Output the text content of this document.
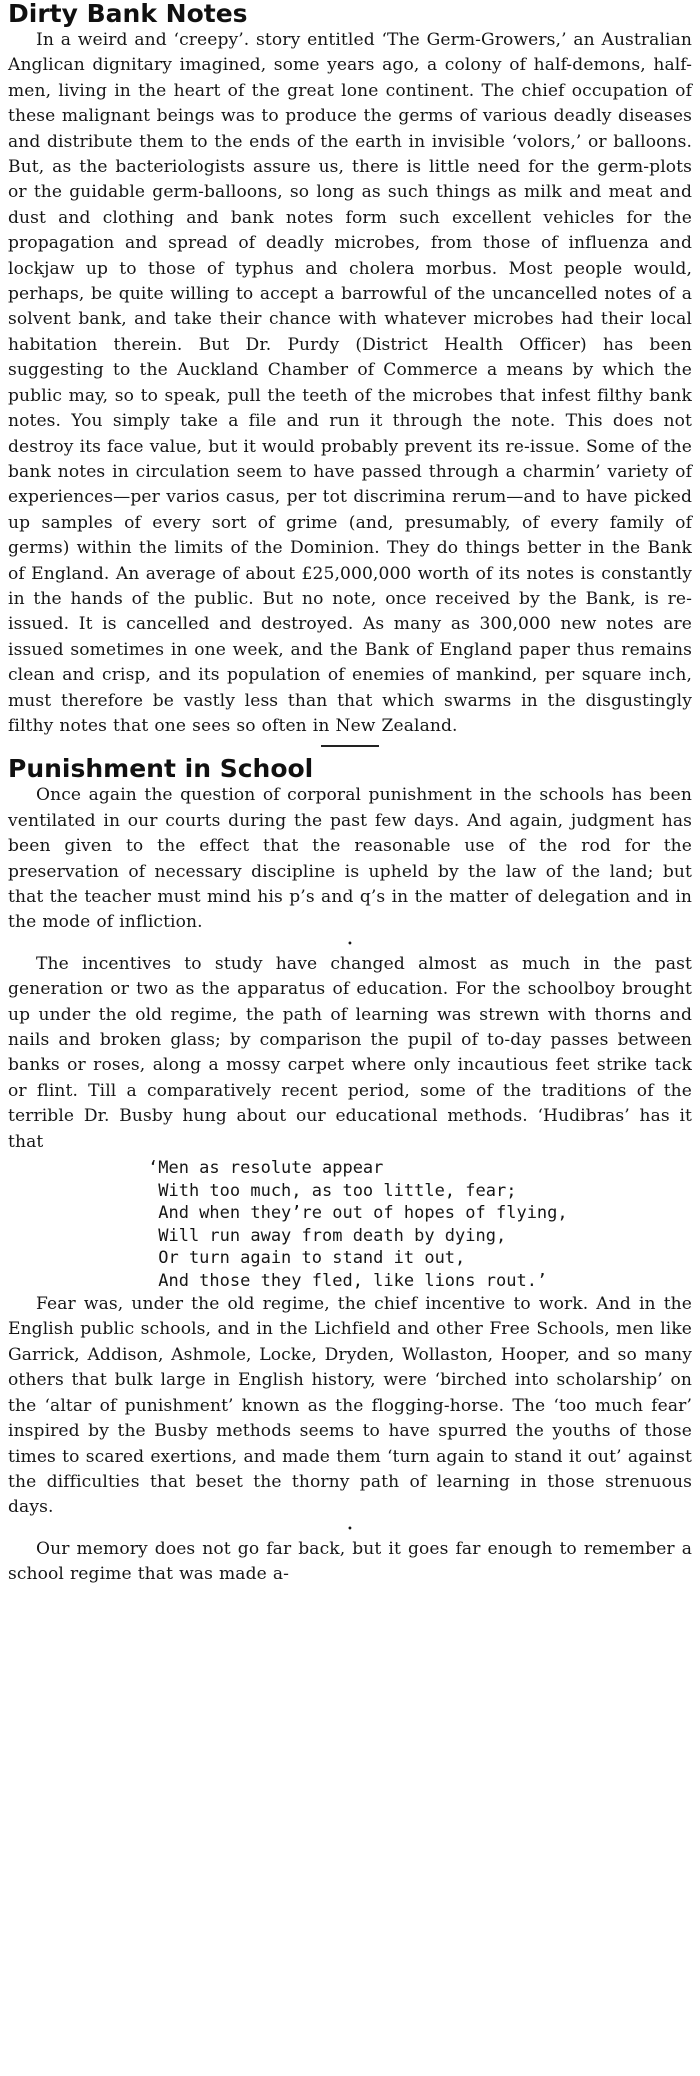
Dirty Bank Notes

In a weird and ‘creepy’. story entitled ‘The Germ-Growers,’ an Australian Anglican dignitary imagined, some years ago, a colony of half-demons, half-men, living in the heart of the great lone continent. The chief occupation of these malignant beings was to produce the germs of various deadly diseases and distribute them to the ends of the earth in invisible ‘volors,’ or balloons. But, as the bacteriologists assure us, there is little need for the germ-plots or the guidable germ-balloons, so long as such things as milk and meat and dust and clothing and bank notes form such excellent vehicles for the propagation and spread of deadly microbes, from those of influenza and lockjaw up to those of typhus and cholera morbus. Most people would, perhaps, be quite willing to accept a barrowful of the uncancelled notes of a solvent bank, and take their chance with whatever microbes had their local habitation therein. But Dr. Purdy (District Health Officer) has been suggesting to the Auckland Chamber of Commerce a means by which the public may, so to speak, pull the teeth of the microbes that infest filthy bank notes. You simply take a file and run it through the note. This does not destroy its face value, but it would probably prevent its re-issue. Some of the bank notes in circulation seem to have passed through a charmin’ variety of experiences—per varios casus, per tot discrimina rerum—and to have picked up samples of every sort of grime (and, presumably, of every family of germs) within the limits of the Dominion. They do things better in the Bank of England. An average of about £25,000,000 worth of its notes is constantly in the hands of the public. But no note, once received by the Bank, is re-issued. It is cancelled and destroyed. As many as 300,000 new notes are issued sometimes in one week, and the Bank of England paper thus remains clean and crisp, and its population of enemies of mankind, per square inch, must therefore be vastly less than that which swarms in the disgustingly filthy notes that one sees so often in New Zealand.

Punishment in School

Once again the question of corporal punishment in the schools has been ventilated in our courts during the past few days. And again, judgment has been given to the effect that the reasonable use of the rod for the preservation of necessary discipline is upheld by the law of the land; but that the teacher must mind his p’s and q’s in the matter of delegation and in the mode of infliction.

•

The incentives to study have changed almost as much in the past generation or two as the apparatus of education. For the schoolboy brought up under the old regime, the path of learning was strewn with thorns and nails and broken glass; by comparison the pupil of to-day passes between banks or roses, along a mossy carpet where only incautious feet strike tack or flint. Till a comparatively recent period, some of the traditions of the terrible Dr. Busby hung about our educational methods. ‘Hudibras’ has it that

‘Men as resolute appear
With too much, as too little, fear;
And when they’re out of hopes of flying,
Will run away from death by dying,
Or turn again to stand it out,
And those they fled, like lions rout.’

Fear was, under the old regime, the chief incentive to work. And in the English public schools, and in the Lichfield and other Free Schools, men like Garrick, Addison, Ashmole, Locke, Dryden, Wollaston, Hooper, and so many others that bulk large in English history, were ‘birched into scholarship’ on the ‘altar of punishment’ known as the flogging-horse. The ‘too much fear’ inspired by the Busby methods seems to have spurred the youths of those times to scared exertions, and made them ‘turn again to stand it out’ against the difficulties that beset the thorny path of learning in those strenuous days.

•

Our memory does not go far back, but it goes far enough to remember a school regime that was made a-
